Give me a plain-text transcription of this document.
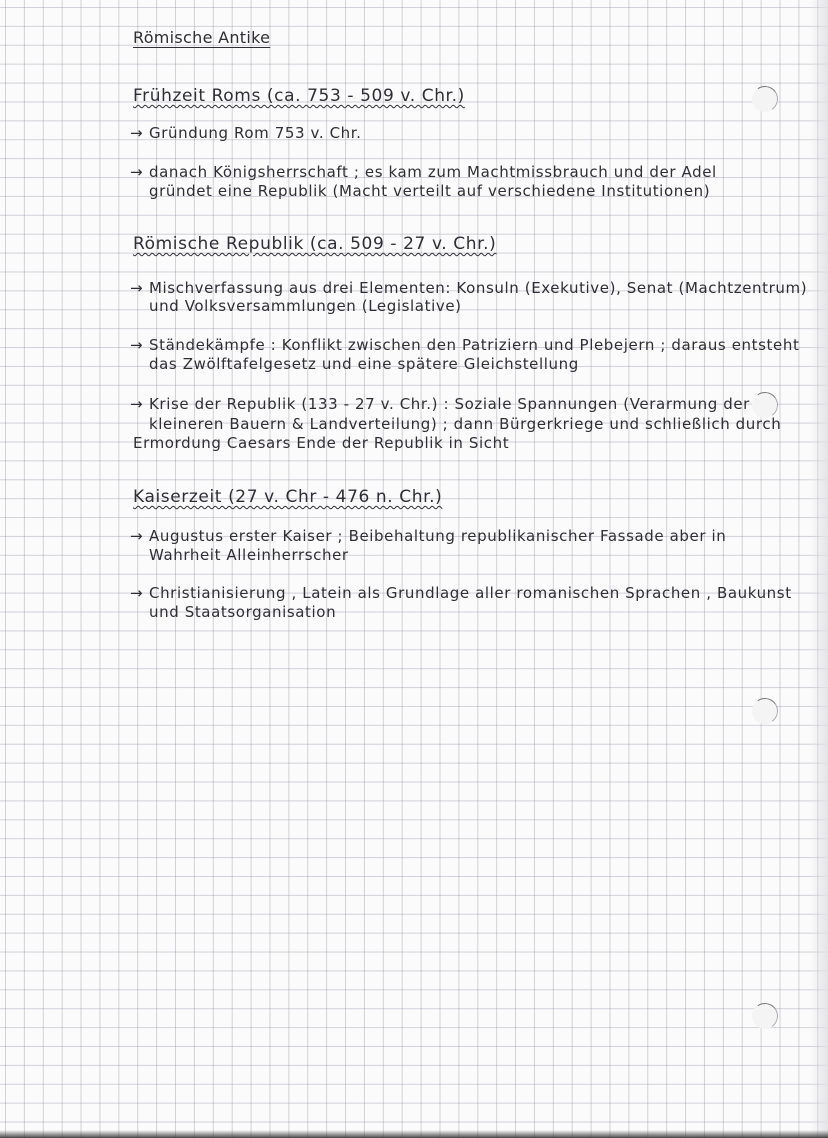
Römische Antike
Frühzeit Roms (ca. 753 - 509 v. Chr.)
→ Gründung Rom 753 v. Chr.
→ danach Königsherrschaft ; es kam zum Machtmissbrauch und der Adel
gründet eine Republik (Macht verteilt auf verschiedene Institutionen)
Römische Republik (ca. 509 - 27 v. Chr.)
→ Mischverfassung aus drei Elementen: Konsuln (Exekutive), Senat (Machtzentrum)
und Volksversammlungen (Legislative)
→ Ständekämpfe : Konflikt zwischen den Patriziern und Plebejern ; daraus entsteht
das Zwölftafelgesetz und eine spätere Gleichstellung
→ Krise der Republik (133 - 27 v. Chr.) : Soziale Spannungen (Verarmung der
kleineren Bauern & Landverteilung) ; dann Bürgerkriege und schließlich durch
Ermordung Caesars Ende der Republik in Sicht
Kaiserzeit (27 v. Chr - 476 n. Chr.)
→ Augustus erster Kaiser ; Beibehaltung republikanischer Fassade aber in
Wahrheit Alleinherrscher
→ Christianisierung , Latein als Grundlage aller romanischen Sprachen , Baukunst
und Staatsorganisation
